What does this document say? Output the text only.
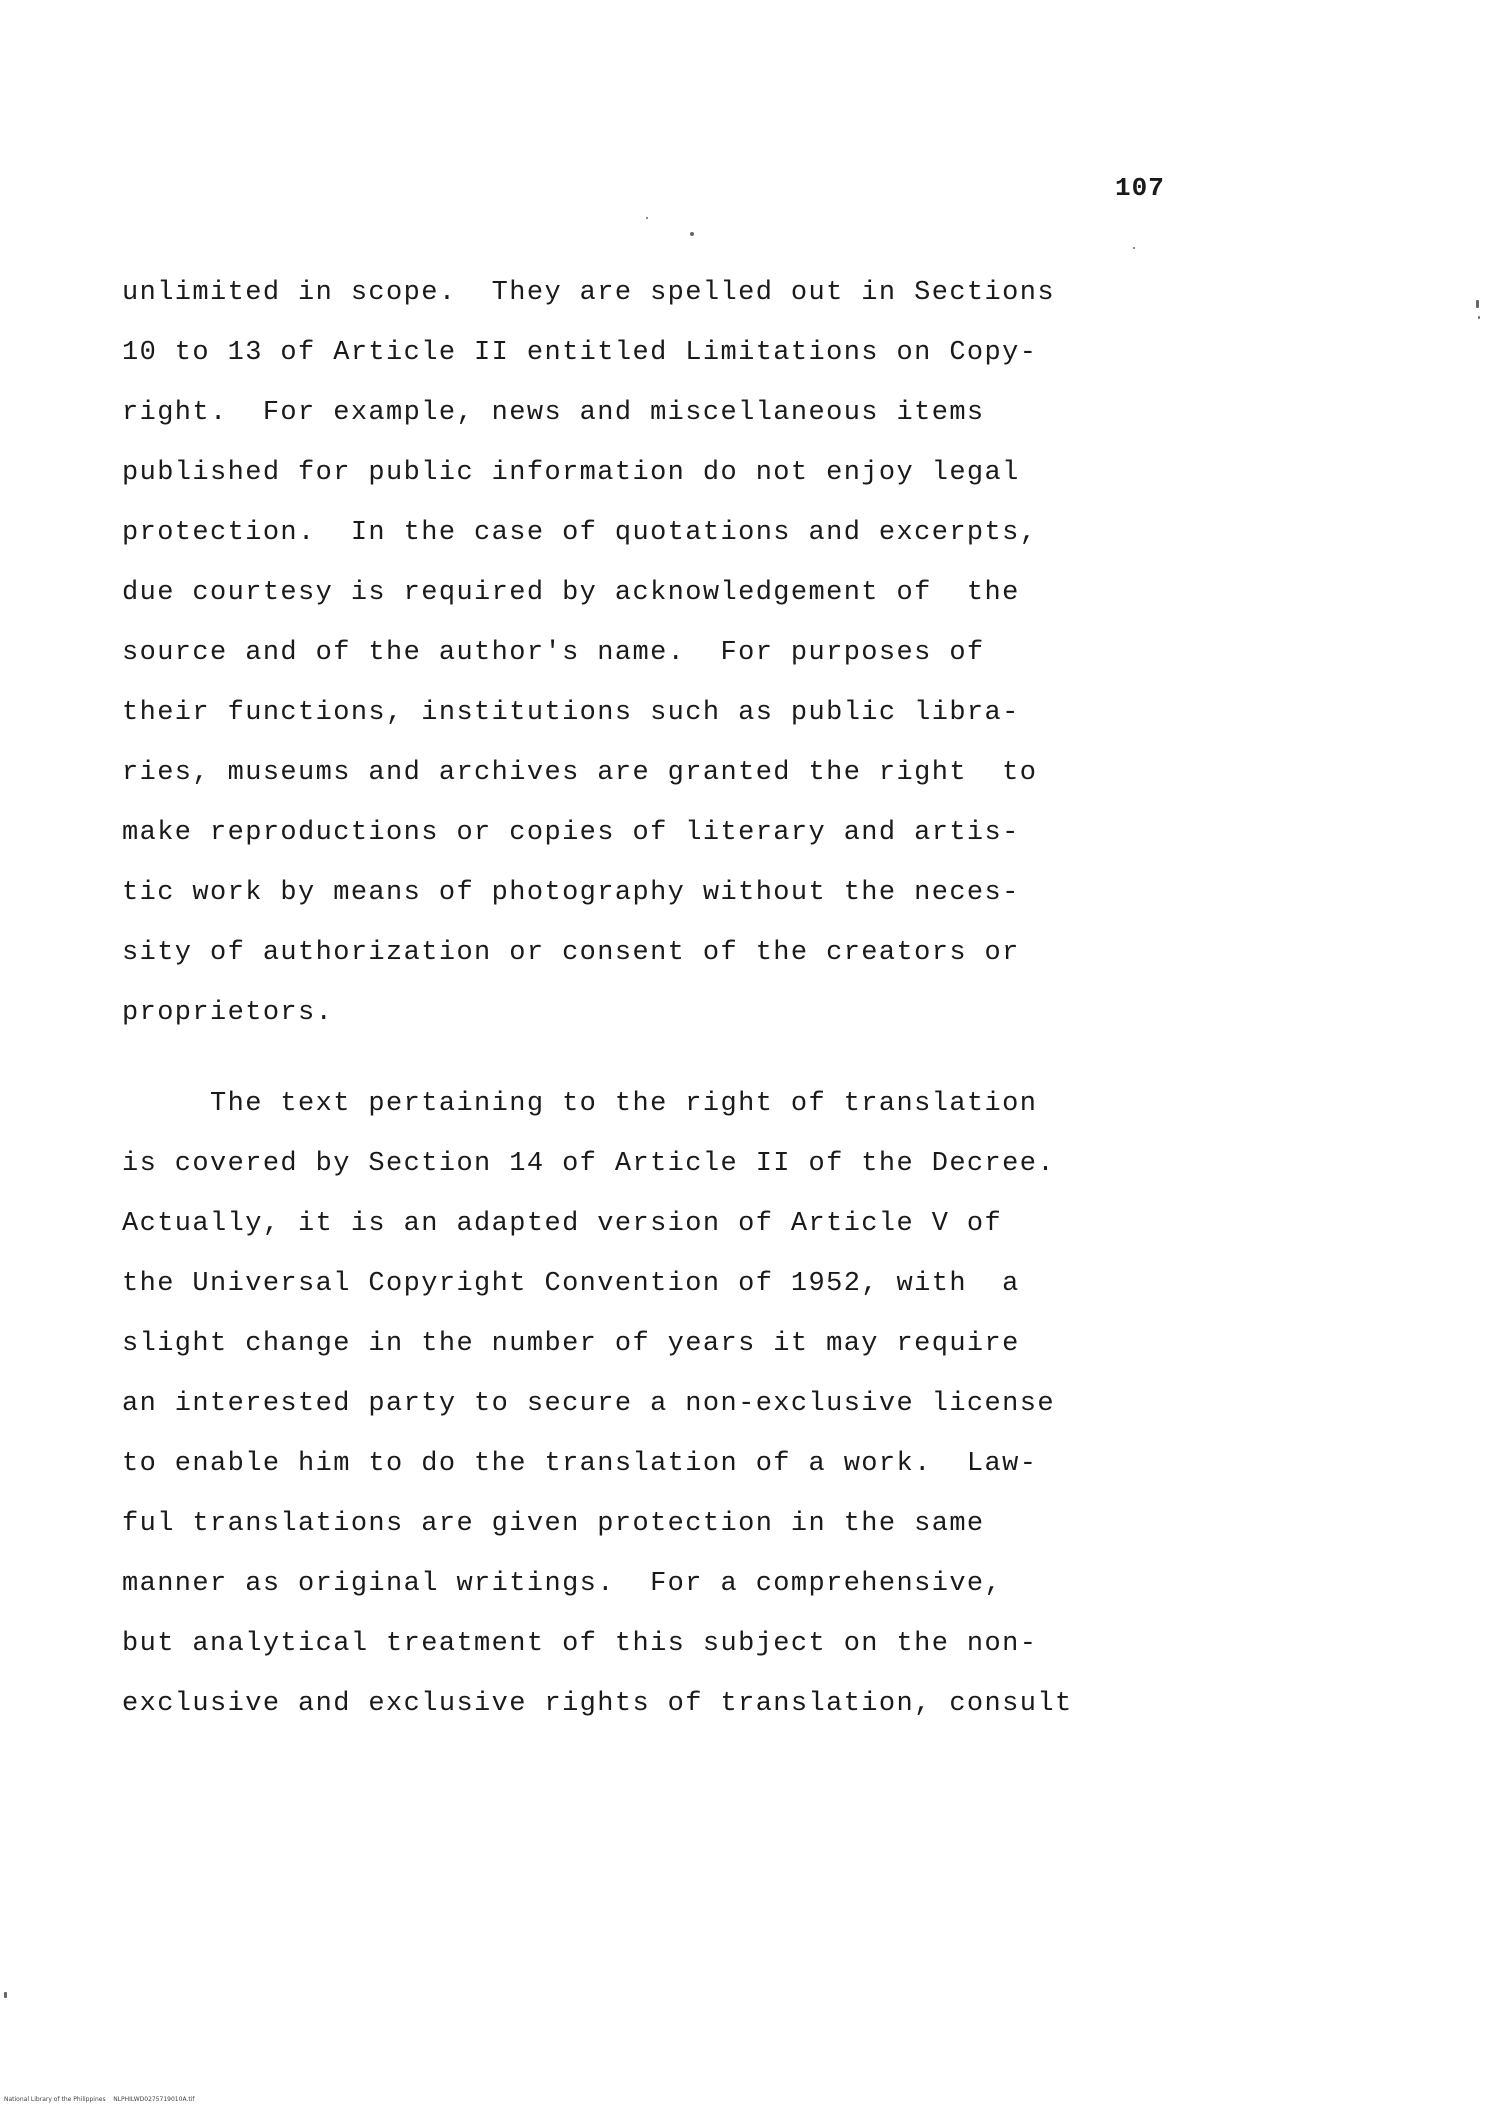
107
unlimited in scope.  They are spelled out in Sections
10 to 13 of Article II entitled Limitations on Copy-
right.  For example, news and miscellaneous items
published for public information do not enjoy legal
protection.  In the case of quotations and excerpts,
due courtesy is required by acknowledgement of  the
source and of the author's name.  For purposes of
their functions, institutions such as public libra-
ries, museums and archives are granted the right  to
make reproductions or copies of literary and artis-
tic work by means of photography without the neces-
sity of authorization or consent of the creators or
proprietors.
The text pertaining to the right of translation
is covered by Section 14 of Article II of the Decree.
Actually, it is an adapted version of Article V of
the Universal Copyright Convention of 1952, with  a
slight change in the number of years it may require
an interested party to secure a non-exclusive license
to enable him to do the translation of a work.  Law-
ful translations are given protection in the same
manner as original writings.  For a comprehensive,
but analytical treatment of this subject on the non-
exclusive and exclusive rights of translation, consult
National Library of the Philippines    NLPHILWD0275719010A.tif
